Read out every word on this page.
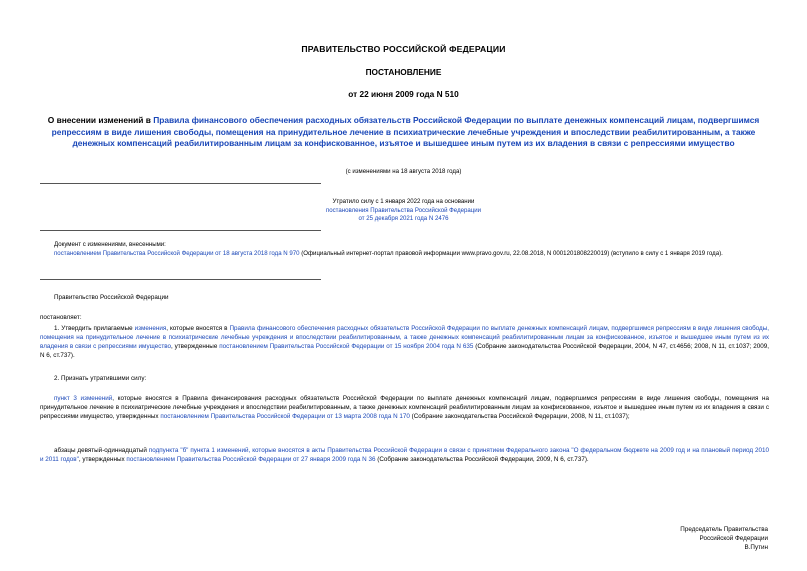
ПРАВИТЕЛЬСТВО РОССИЙСКОЙ ФЕДЕРАЦИИ
ПОСТАНОВЛЕНИЕ
от 22 июня 2009 года N 510
О внесении изменений в Правила финансового обеспечения расходных обязательств Российской Федерации по выплате денежных компенсаций лицам, подвергшимся репрессиям в виде лишения свободы, помещения на принудительное лечение в психиатрические лечебные учреждения и впоследствии реабилитированным, а также денежных компенсаций реабилитированным лицам за конфискованное, изъятое и вышедшее иным путем из их владения в связи с репрессиями имущество
(с изменениями на 18 августа 2018 года)
Утратило силу с 1 января 2022 года на основании
постановления Правительства Российской Федерации
от 25 декабря 2021 года N 2476
Документ с изменениями, внесенными:
постановлением Правительства Российской Федерации от 18 августа 2018 года N 970 (Официальный интернет-портал правовой информации www.pravo.gov.ru, 22.08.2018, N 0001201808220019) (вступило в силу с 1 января 2019 года).
Правительство Российской Федерации
постановляет:
1. Утвердить прилагаемые изменения, которые вносятся в Правила финансового обеспечения расходных обязательств Российской Федерации по выплате денежных компенсаций лицам, подвергшимся репрессиям в виде лишения свободы, помещения на принудительное лечение в психиатрические лечебные учреждения и впоследствии реабилитированным, а также денежных компенсаций реабилитированным лицам за конфискованное, изъятое и вышедшее иным путем из их владения в связи с репрессиями имущество, утвержденные постановлением Правительства Российской Федерации от 15 ноября 2004 года N 635 (Собрание законодательства Российской Федерации, 2004, N 47, ст.4656; 2008, N 11, ст.1037; 2009, N 6, ст.737).
2. Признать утратившими силу:
пункт 3 изменений, которые вносятся в Правила финансирования расходных обязательств Российской Федерации по выплате денежных компенсаций лицам, подвергшимся репрессиям в виде лишения свободы, помещения на принудительное лечение в психиатрические лечебные учреждения и впоследствии реабилитированным, а также денежных компенсаций реабилитированным лицам за конфискованное, изъятое и вышедшее иным путем из их владения в связи с репрессиями имущество, утвержденных постановлением Правительства Российской Федерации от 13 марта 2008 года N 170 (Собрание законодательства Российской Федерации, 2008, N 11, ст.1037);
абзацы девятый-одиннадцатый подпункта "б" пункта 1 изменений, которые вносятся в акты Правительства Российской Федерации в связи с принятием Федерального закона "О федеральном бюджете на 2009 год и на плановый период 2010 и 2011 годов", утвержденных постановлением Правительства Российской Федерации от 27 января 2009 года N 36 (Собрание законодательства Российской Федерации, 2009, N 6, ст.737).
Председатель Правительства
Российской Федерации
В.Путин
